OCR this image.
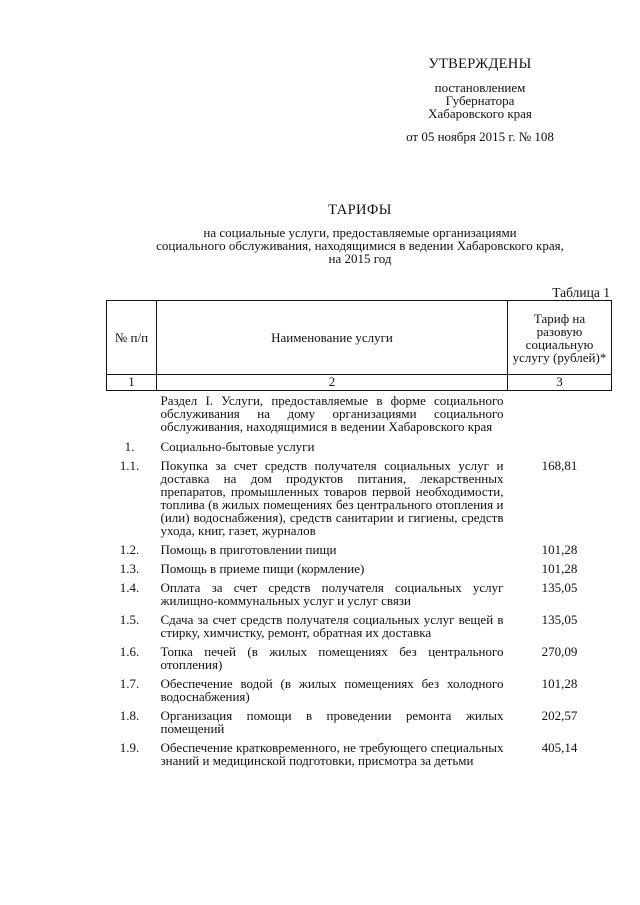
УТВЕРЖДЕНЫ
постановлением
Губернатора
Хабаровского края
от 05 ноября 2015 г. № 108
ТАРИФЫ
на социальные услуги, предоставляемые организациями
социального обслуживания, находящимися в ведении Хабаровского края,
на 2015 год
Таблица 1
№ п/п	Наименование услуги	Тариф на разовую социальную услугу (рублей)*
1	2	3
	Раздел I. Услуги, предоставляемые в форме социального обслуживания на дому организациями социального обслуживания, находящимися в ведении Хабаровского края	
1.	Социально-бытовые услуги	
1.1.	Покупка за счет средств получателя социальных услуг и доставка на дом продуктов питания, лекарственных препаратов, промышленных товаров первой необходимости, топлива (в жилых помещениях без центрального отопления и (или) водоснабжения), средств санитарии и гигиены, средств ухода, книг, газет, журналов	168,81
1.2.	Помощь в приготовлении пищи	101,28
1.3.	Помощь в приеме пищи (кормление)	101,28
1.4.	Оплата за счет средств получателя социальных услуг жилищно-коммунальных услуг и услуг связи	135,05
1.5.	Сдача за счет средств получателя социальных услуг вещей в стирку, химчистку, ремонт, обратная их доставка	135,05
1.6.	Топка печей (в жилых помещениях без центрального отопления)	270,09
1.7.	Обеспечение водой (в жилых помещениях без холодного водоснабжения)	101,28
1.8.	Организация помощи в проведении ремонта жилых помещений	202,57
1.9.	Обеспечение кратковременного, не требующего специальных знаний и медицинской подготовки, присмотра за детьми	405,14
